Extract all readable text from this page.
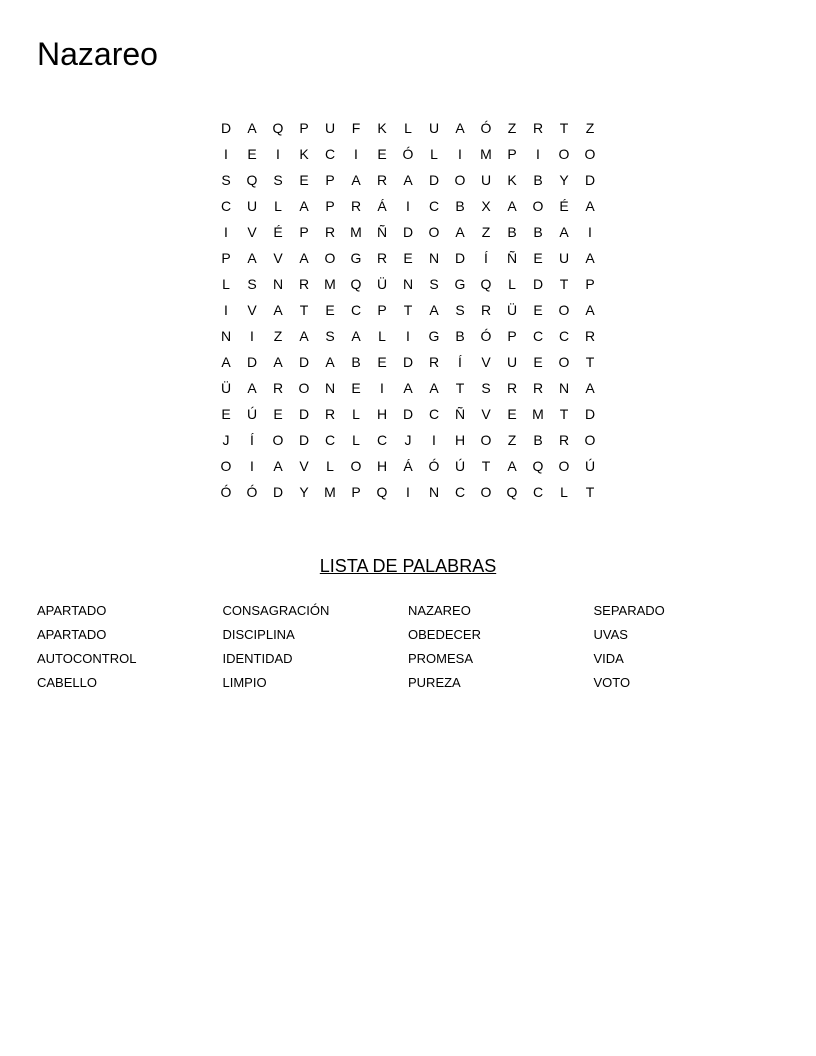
Nazareo
D	A	Q	P	U	F	K	L	U	A	Ó	Z	R	T	Z
I	E	I	K	C	I	E	Ó	L	I	M	P	I	O	O
S	Q	S	E	P	A	R	A	D	O	U	K	B	Y	D
C	U	L	A	P	R	Á	I	C	B	X	A	O	É	A
I	V	É	P	R	M	Ñ	D	O	A	Z	B	B	A	I
P	A	V	A	O	G	R	E	N	D	Í	Ñ	E	U	A
L	S	N	R	M	Q	Ü	N	S	G	Q	L	D	T	P
I	V	A	T	E	C	P	T	A	S	R	Ü	E	O	A
N	I	Z	A	S	A	L	I	G	B	Ó	P	C	C	R
A	D	A	D	A	B	E	D	R	Í	V	U	E	O	T
Ü	A	R	O	N	E	I	A	A	T	S	R	R	N	A
E	Ú	E	D	R	L	H	D	C	Ñ	V	E	M	T	D
J	Í	O	D	C	L	C	J	I	H	O	Z	B	R	O
O	I	A	V	L	O	H	Á	Ó	Ú	T	A	Q	O	Ú
Ó	Ó	D	Y	M	P	Q	I	N	C	O	Q	C	L	T
LISTA DE PALABRAS
APARTADO	CONSAGRACIÓN	NAZAREO	SEPARADO
APARTADO	DISCIPLINA	OBEDECER	UVAS
AUTOCONTROL	IDENTIDAD	PROMESA	VIDA
CABELLO	LIMPIO	PUREZA	VOTO
